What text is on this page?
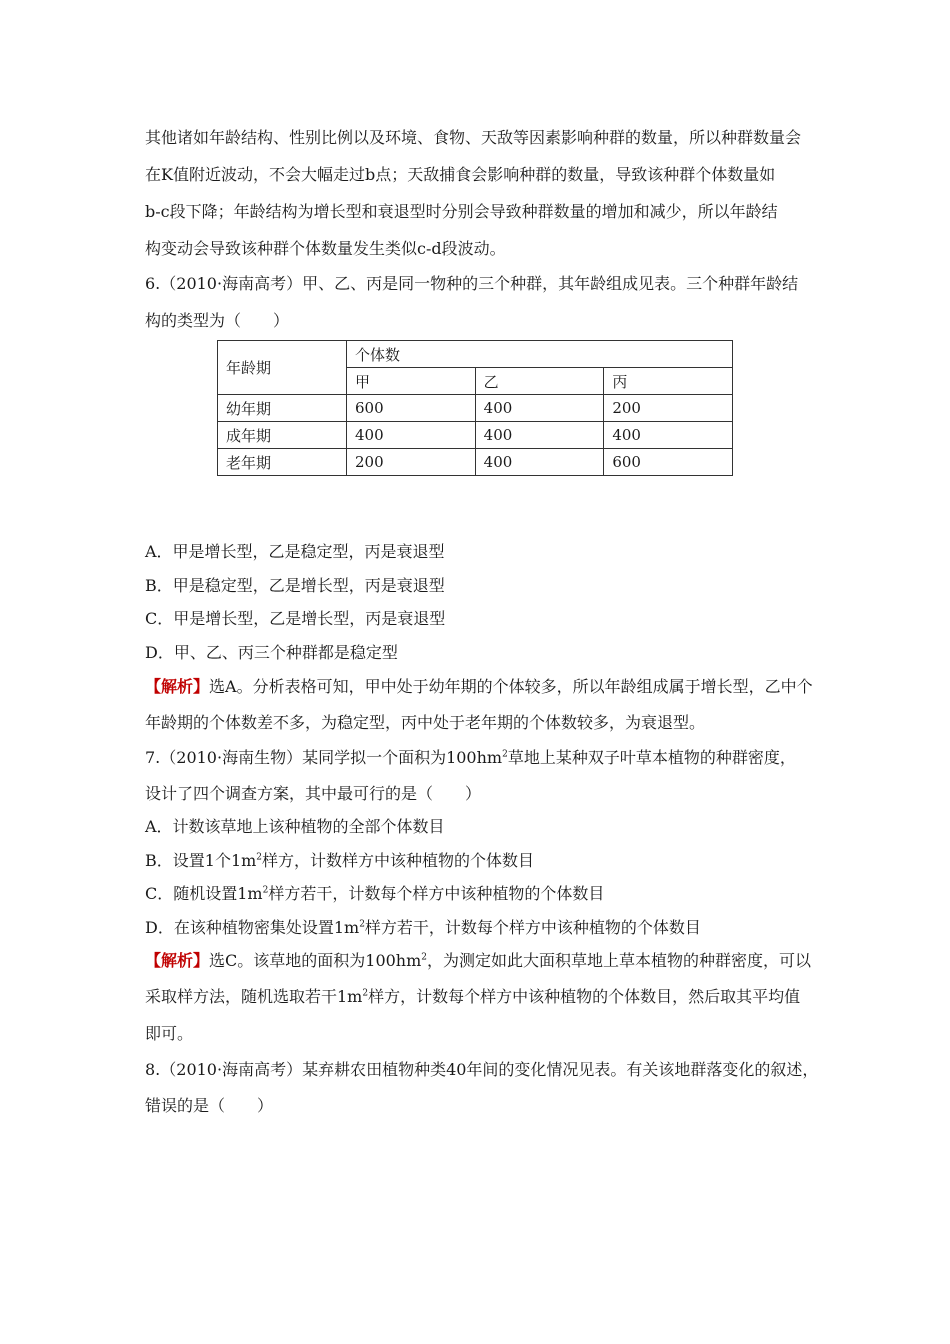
其他诸如年龄结构、性别比例以及环境、食物、天敌等因素影响种群的数量，所以种群数量会
在K值附近波动，不会大幅走过b点；天敌捕食会影响种群的数量，导致该种群个体数量如
b-c段下降；年龄结构为增长型和衰退型时分别会导致种群数量的增加和减少，所以年龄结
构变动会导致该种群个体数量发生类似c-d段波动。
6.（2010·海南高考）甲、乙、丙是同一物种的三个种群，其年龄组成见表。三个种群年龄结
构的类型为（　　）
年龄期	个体数		
	甲	乙	丙
幼年期	600	400	200
成年期	400	400	400
老年期	200	400	600
A．甲是增长型，乙是稳定型，丙是衰退型
B．甲是稳定型，乙是增长型，丙是衰退型
C．甲是增长型，乙是增长型，丙是衰退型
D．甲、乙、丙三个种群都是稳定型
【解析】选A。分析表格可知，甲中处于幼年期的个体较多，所以年龄组成属于增长型，乙中个
年龄期的个体数差不多，为稳定型，丙中处于老年期的个体数较多，为衰退型。
7.（2010·海南生物）某同学拟一个面积为$100hm^2$草地上某种双子叶草本植物的种群密度，
设计了四个调查方案，其中最可行的是（　　）
A．计数该草地上该种植物的全部个体数目
B．设置1个$1m^2$样方，计数样方中该种植物的个体数目
C．随机设置$1m^2$样方若干，计数每个样方中该种植物的个体数目
D．在该种植物密集处设置$1m^2$样方若干，计数每个样方中该种植物的个体数目
【解析】选C。该草地的面积为$100hm^2$，为测定如此大面积草地上草本植物的种群密度，可以
采取样方法，随机选取若干$1m^2$样方，计数每个样方中该种植物的个体数目，然后取其平均值
即可。
8.（2010·海南高考）某弃耕农田植物种类40年间的变化情况见表。有关该地群落变化的叙述，
错误的是（　　）
